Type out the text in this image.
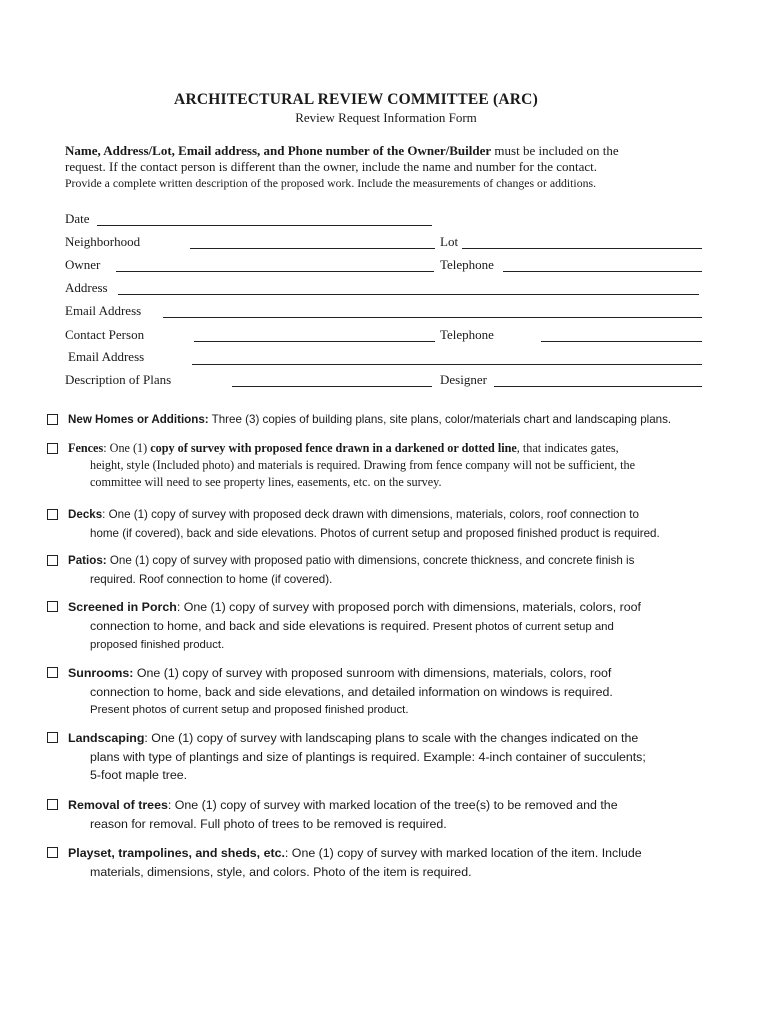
ARCHITECTURAL REVIEW COMMITTEE (ARC)
Review Request Information Form
Name, Address/Lot, Email address, and Phone number of the Owner/Builder must be included on the
request. If the contact person is different than the owner, include the name and number for the contact.
Provide a complete written description of the proposed work. Include the measurements of changes or additions.
Date
Neighborhood	Lot
Owner	Telephone
Address
Email Address
Contact Person	Telephone
Email Address
Description of Plans	Designer
New Homes or Additions: Three (3) copies of building plans, site plans, color/materials chart and landscaping plans.
Fences: One (1) copy of survey with proposed fence drawn in a darkened or dotted line, that indicates gates,
height, style (Included photo) and materials is required. Drawing from fence company will not be sufficient, the
committee will need to see property lines, easements, etc. on the survey.
Decks: One (1) copy of survey with proposed deck drawn with dimensions, materials, colors, roof connection to
home (if covered), back and side elevations. Photos of current setup and proposed finished product is required.
Patios: One (1) copy of survey with proposed patio with dimensions, concrete thickness, and concrete finish is
required. Roof connection to home (if covered).
Screened in Porch: One (1) copy of survey with proposed porch with dimensions, materials, colors, roof
connection to home, and back and side elevations is required. Present photos of current setup and
proposed finished product.
Sunrooms: One (1) copy of survey with proposed sunroom with dimensions, materials, colors, roof
connection to home, back and side elevations, and detailed information on windows is required.
Present photos of current setup and proposed finished product.
Landscaping: One (1) copy of survey with landscaping plans to scale with the changes indicated on the
plans with type of plantings and size of plantings is required. Example: 4-inch container of succulents;
5-foot maple tree.
Removal of trees: One (1) copy of survey with marked location of the tree(s) to be removed and the
reason for removal. Full photo of trees to be removed is required.
Playset, trampolines, and sheds, etc.: One (1) copy of survey with marked location of the item. Include
materials, dimensions, style, and colors. Photo of the item is required.
